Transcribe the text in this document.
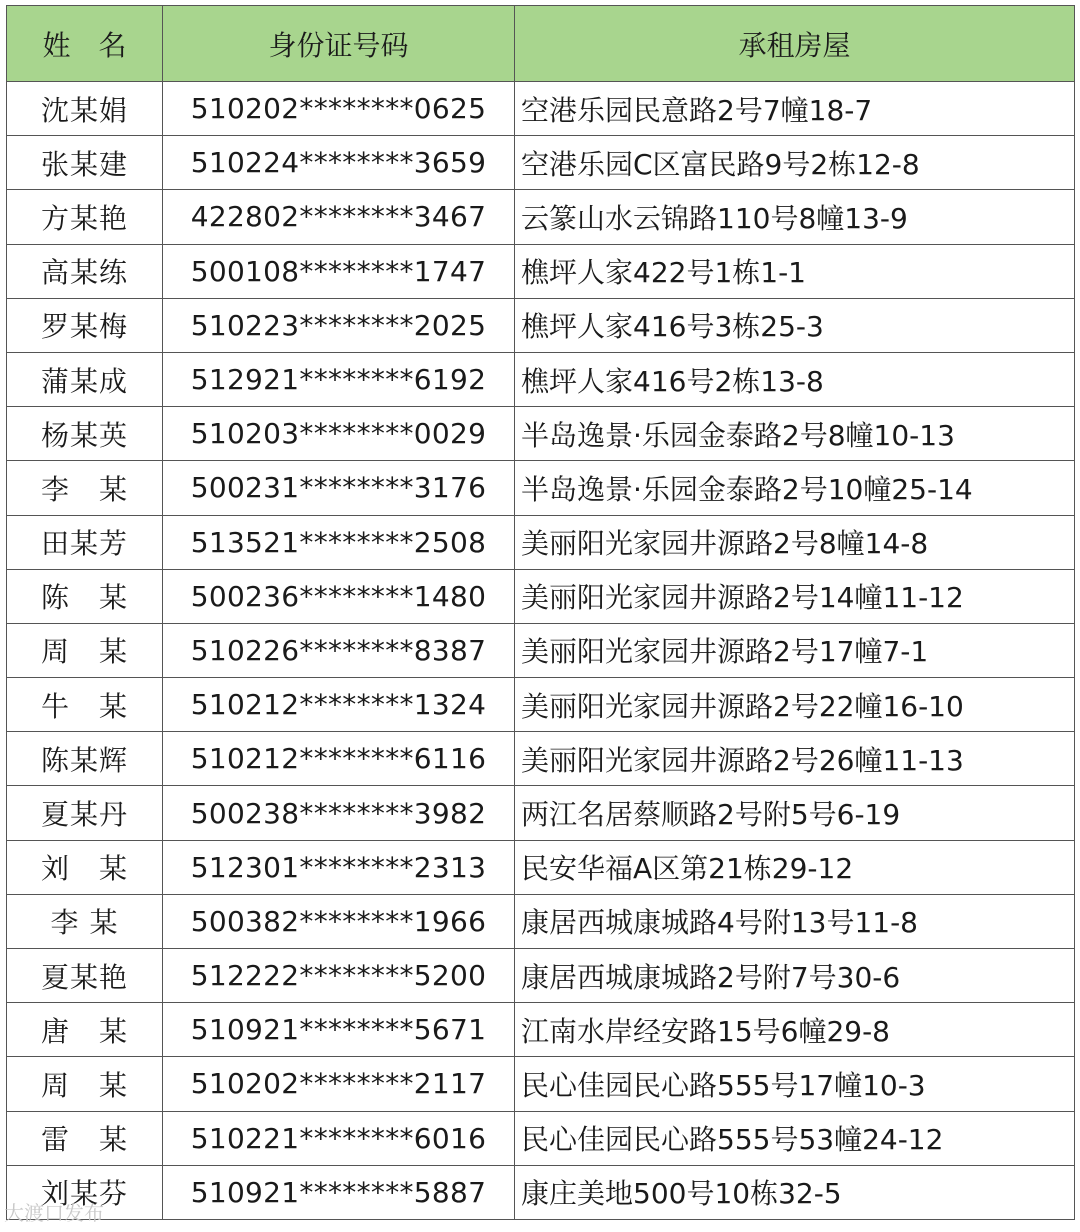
姓　名	身份证号码	承租房屋
沈某娟	510202********0625	空港乐园民意路2号7幢18-7
张某建	510224********3659	空港乐园C区富民路9号2栋12-8
方某艳	422802********3467	云篆山水云锦路110号8幢13-9
高某练	500108********1747	樵坪人家422号1栋1-1
罗某梅	510223********2025	樵坪人家416号3栋25-3
蒲某成	512921********6192	樵坪人家416号2栋13-8
杨某英	510203********0029	半岛逸景·乐园金泰路2号8幢10-13
李　某	500231********3176	半岛逸景·乐园金泰路2号10幢25-14
田某芳	513521********2508	美丽阳光家园井源路2号8幢14-8
陈　某	500236********1480	美丽阳光家园井源路2号14幢11-12
周　某	510226********8387	美丽阳光家园井源路2号17幢7-1
牛　某	510212********1324	美丽阳光家园井源路2号22幢16-10
陈某辉	510212********6116	美丽阳光家园井源路2号26幢11-13
夏某丹	500238********3982	两江名居蔡顺路2号附5号6-19
刘　某	512301********2313	民安华福A区第21栋29-12
李 某	500382********1966	康居西城康城路4号附13号11-8
夏某艳	512222********5200	康居西城康城路2号附7号30-6
唐　某	510921********5671	江南水岸经安路15号6幢29-8
周　某	510202********2117	民心佳园民心路555号17幢10-3
雷　某	510221********6016	民心佳园民心路555号53幢24-12
刘某芬	510921********5887	康庄美地500号10栋32-5
大渡口发布
